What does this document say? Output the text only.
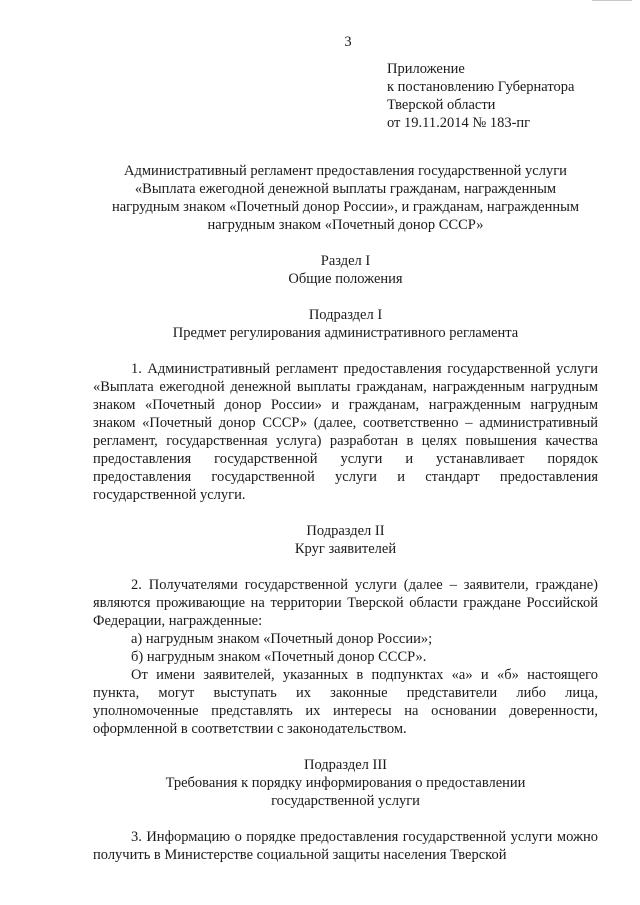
3
Приложение
к постановлению Губернатора
Тверской области
от 19.11.2014 № 183-пг
Административный регламент предоставления государственной услуги
«Выплата ежегодной денежной выплаты гражданам, награжденным
нагрудным знаком «Почетный донор России», и гражданам, награжденным
нагрудным знаком «Почетный донор СССР»
Раздел I
Общие положения
Подраздел I
Предмет регулирования административного регламента
1. Административный регламент предоставления государственной услуги «Выплата ежегодной денежной выплаты гражданам, награжденным нагрудным знаком «Почетный донор России» и гражданам, награжденным нагрудным знаком «Почетный донор СССР» (далее, соответственно – административный регламент, государственная услуга) разработан в целях повышения качества предоставления государственной услуги и устанавливает порядок предоставления государственной услуги и стандарт предоставления государственной услуги.
Подраздел II
Круг заявителей
2. Получателями государственной услуги (далее – заявители, граждане) являются проживающие на территории Тверской области граждане Российской Федерации, награжденные:
а) нагрудным знаком «Почетный донор России»;
б) нагрудным знаком «Почетный донор СССР».
От имени заявителей, указанных в подпунктах «а» и «б» настоящего пункта, могут выступать их законные представители либо лица, уполномоченные представлять их интересы на основании доверенности, оформленной в соответствии с законодательством.
Подраздел III
Требования к порядку информирования о предоставлении
государственной услуги
3. Информацию о порядке предоставления государственной услуги можно получить в Министерстве социальной защиты населения Тверской
